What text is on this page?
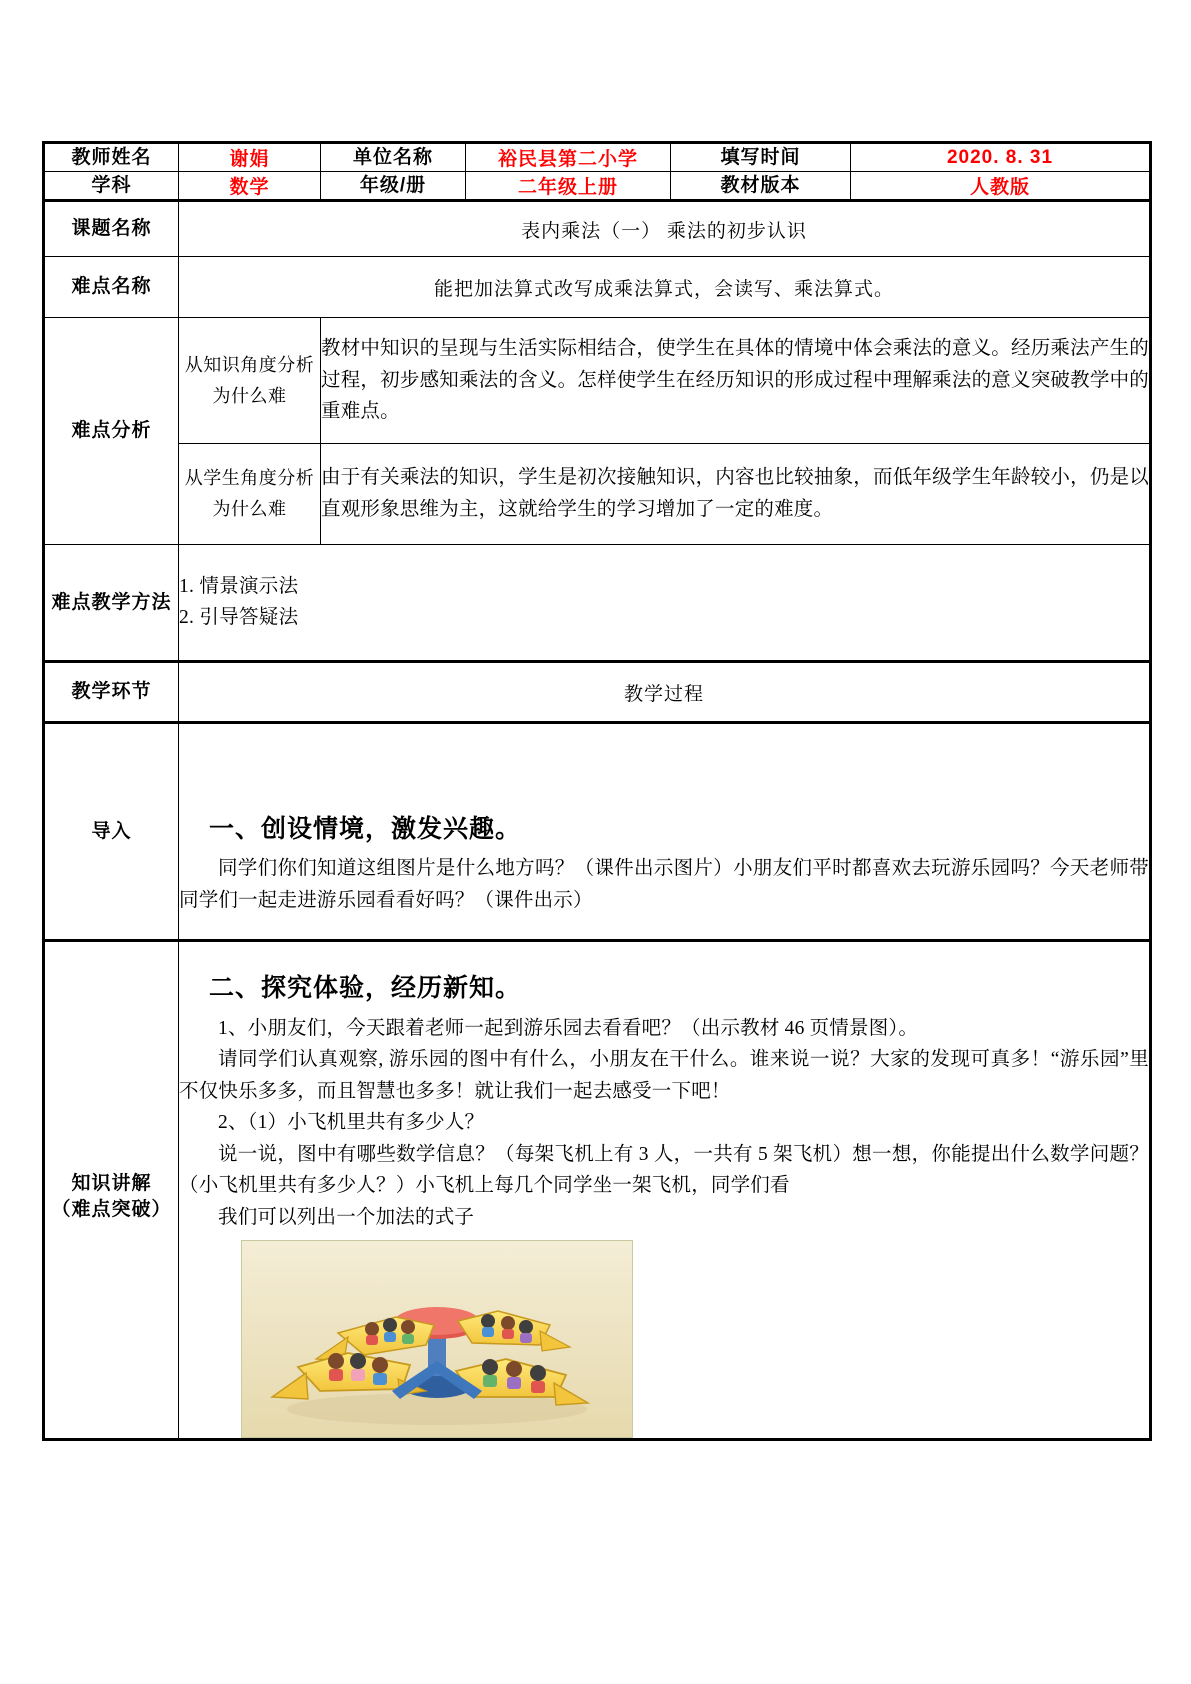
教师姓名	谢娟	单位名称	裕民县第二小学	填写时间	2020. 8. 31
学科	数学	年级/册	二年级上册	教材版本	人教版
课题名称	表内乘法（一） 乘法的初步认识				
难点名称	能把加法算式改写成乘法算式，会读写、乘法算式。				
难点分析	从知识角度分析为什么难	教材中知识的呈现与生活实际相结合，使学生在具体的情境中体会乘法的意义。经历乘法产生的过程，初步感知乘法的含义。怎样使学生在经历知识的形成过程中理解乘法的意义突破教学中的重难点。			
	从学生角度分析为什么难	由于有关乘法的知识，学生是初次接触知识，内容也比较抽象，而低年级学生年龄较小，仍是以直观形象思维为主，这就给学生的学习增加了一定的难度。			
难点教学方法	1. 情景演示法
2. 引导答疑法				

教学环节	教学过程				
导入	一、创设情境，激发兴趣。
同学们你们知道这组图片是什么地方吗？（课件出示图片）小朋友们平时都喜欢去玩游乐园吗？今天老师带同学们一起走进游乐园看看好吗？（课件出示）				

知识讲解
（难点突破）

二、探究体验，经历新知。
1、小朋友们，今天跟着老师一起到游乐园去看看吧？（出示教材 46 页情景图）。
请同学们认真观察, 游乐园的图中有什么，小朋友在干什么。谁来说一说？大家的发现可真多！“游乐园”里不仅快乐多多，而且智慧也多多！就让我们一起去感受一下吧！
2、（1）小飞机里共有多少人？
说一说，图中有哪些数学信息？（每架飞机上有 3 人，一共有 5 架飞机）想一想，你能提出什么数学问题？（小飞机里共有多少人？）小飞机上每几个同学坐一架飞机，同学们看
我们可以列出一个加法的式子
